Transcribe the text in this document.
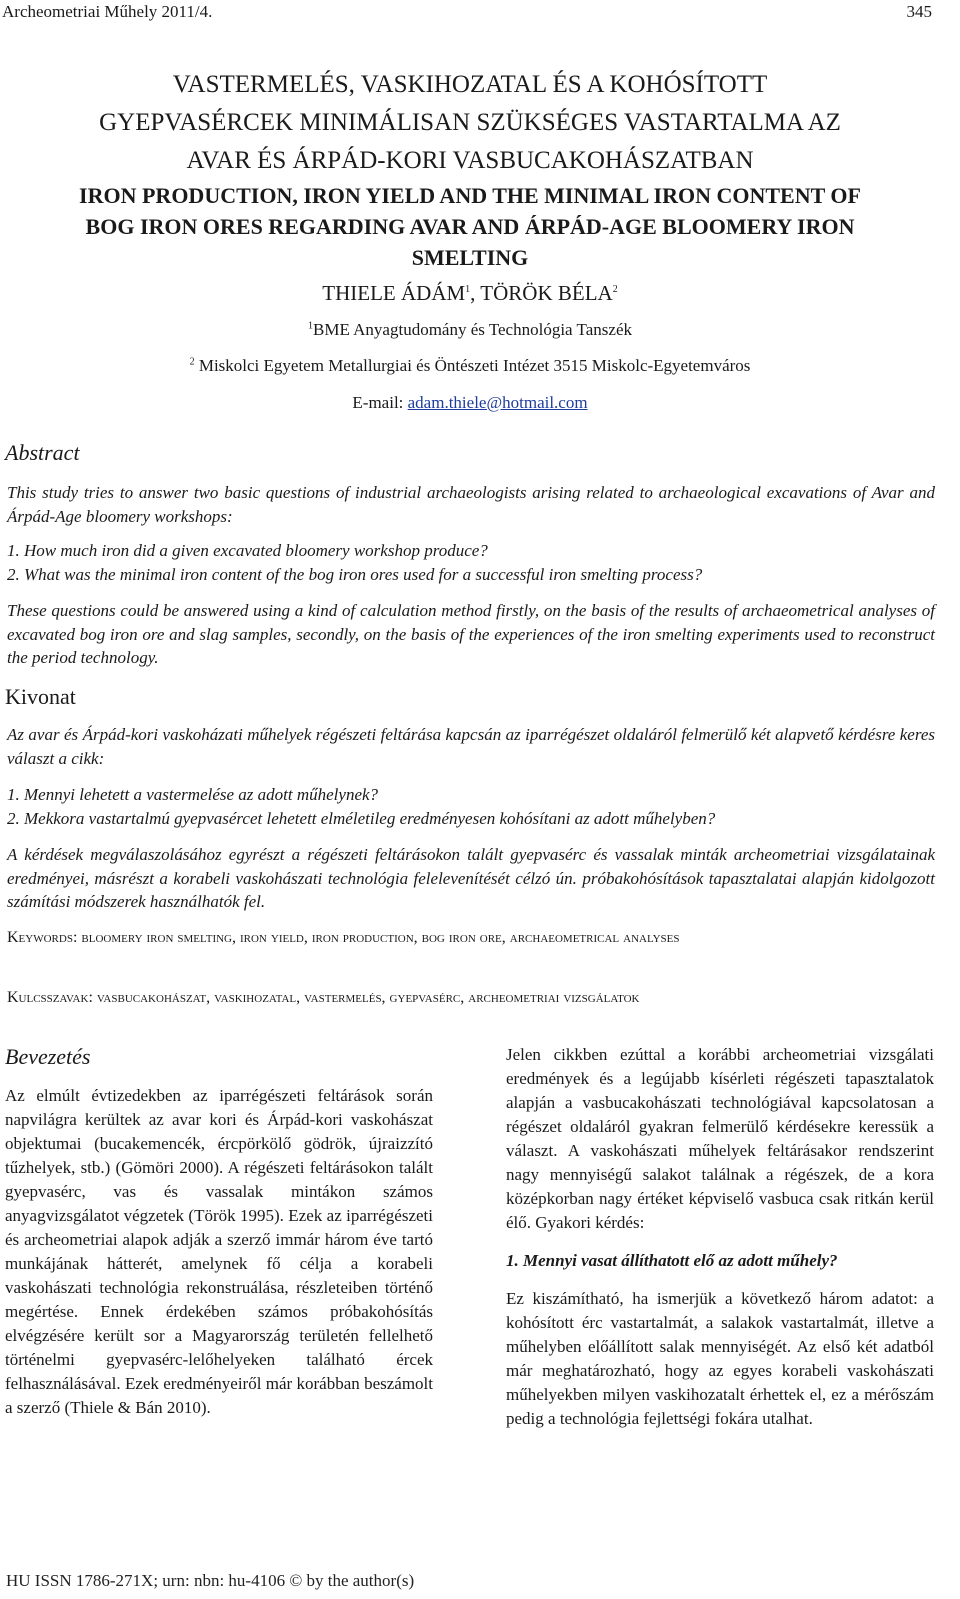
Archeometriai Műhely 2011/4.	345
VASTERMELÉS, VASKIHOZATAL ÉS A KOHÓSÍTOTT
GYEPVASÉRCEK MINIMÁLISAN SZÜKSÉGES VASTARTALMA AZ
AVAR ÉS ÁRPÁD-KORI VASBUCAKOHÁSZATBAN
IRON PRODUCTION, IRON YIELD AND THE MINIMAL IRON CONTENT OF
BOG IRON ORES REGARDING AVAR AND ÁRPÁD-AGE BLOOMERY IRON
SMELTING
THIELE ÁDÁM$^1$, TÖRÖK BÉLA$^2$
$^1$BME Anyagtudomány és Technológia Tanszék
$^2$ Miskolci Egyetem Metallurgiai és Öntészeti Intézet 3515 Miskolc-Egyetemváros
E-mail: adam.thiele@hotmail.com
Abstract
This study tries to answer two basic questions of industrial archaeologists arising related to archaeological excavations of Avar and Árpád-Age bloomery workshops:
1. How much iron did a given excavated bloomery workshop produce?
2. What was the minimal iron content of the bog iron ores used for a successful iron smelting process?
These questions could be answered using a kind of calculation method firstly, on the basis of the results of archaeometrical analyses of excavated bog iron ore and slag samples, secondly, on the basis of the experiences of the iron smelting experiments used to reconstruct the period technology.
Kivonat
Az avar és Árpád-kori vaskoházati műhelyek régészeti feltárása kapcsán az iparrégészet oldaláról felmerülő két alapvető kérdésre keres választ a cikk:
1. Mennyi lehetett a vastermelése az adott műhelynek?
2. Mekkora vastartalmú gyepvasércet lehetett elméletileg eredményesen kohósítani az adott műhelyben?
A kérdések megválaszolásához egyrészt a régészeti feltárásokon talált gyepvasérc és vassalak minták archeometriai vizsgálatainak eredményei, másrészt a korabeli vaskohászati technológia felelevenítését célzó ún. próbakohósítások tapasztalatai alapján kidolgozott számítási módszerek használhatók fel.
Keywords: bloomery iron smelting, iron yield, iron production, bog iron ore, archaeometrical analyses
Kulcsszavak: vasbucakohászat, vaskihozatal, vastermelés, gyepvasérc, archeometriai vizsgálatok
Bevezetés

Az elmúlt évtizedekben az iparrégészeti feltárások során napvilágra kerültek az avar kori és Árpád-kori vaskohászat objektumai (bucakemencék, ércpörkölő gödrök, újraizzító tűzhelyek, stb.) (Gömöri 2000). A régészeti feltárásokon talált gyepvasérc, vas és vassalak mintákon számos anyagvizsgálatot végzetek (Török 1995). Ezek az iparrégészeti és archeometriai alapok adják a szerző immár három éve tartó munkájának hátterét, amelynek fő célja a korabeli vaskohászati technológia rekonstruálása, részleteiben történő megértése. Ennek érdekében számos próbakohósítás elvégzésére került sor a Magyarország területén fellelhető történelmi gyepvasérc-lelőhelyeken található ércek felhasználásával. Ezek eredményeiről már korábban beszámolt a szerző (Thiele & Bán 2010).

Jelen cikkben ezúttal a korábbi archeometriai vizsgálati eredmények és a legújabb kísérleti régészeti tapasztalatok alapján a vasbucakohászati technológiával kapcsolatosan a régészet oldaláról gyakran felmerülő kérdésekre keressük a választ. A vaskohászati műhelyek feltárásakor rendszerint nagy mennyiségű salakot találnak a régészek, de a kora középkorban nagy értéket képviselő vasbuca csak ritkán kerül élő. Gyakori kérdés:

1. Mennyi vasat állíthatott elő az adott műhely?

Ez kiszámítható, ha ismerjük a következő három adatot: a kohósított érc vastartalmát, a salakok vastartalmát, illetve a műhelyben előállított salak mennyiségét. Az első két adatból már meghatározható, hogy az egyes korabeli vaskohászati műhelyekben milyen vaskihozatalt érhettek el, ez a mérőszám pedig a technológia fejlettségi fokára utalhat.

HU ISSN 1786-271X; urn: nbn: hu-4106 © by the author(s)
